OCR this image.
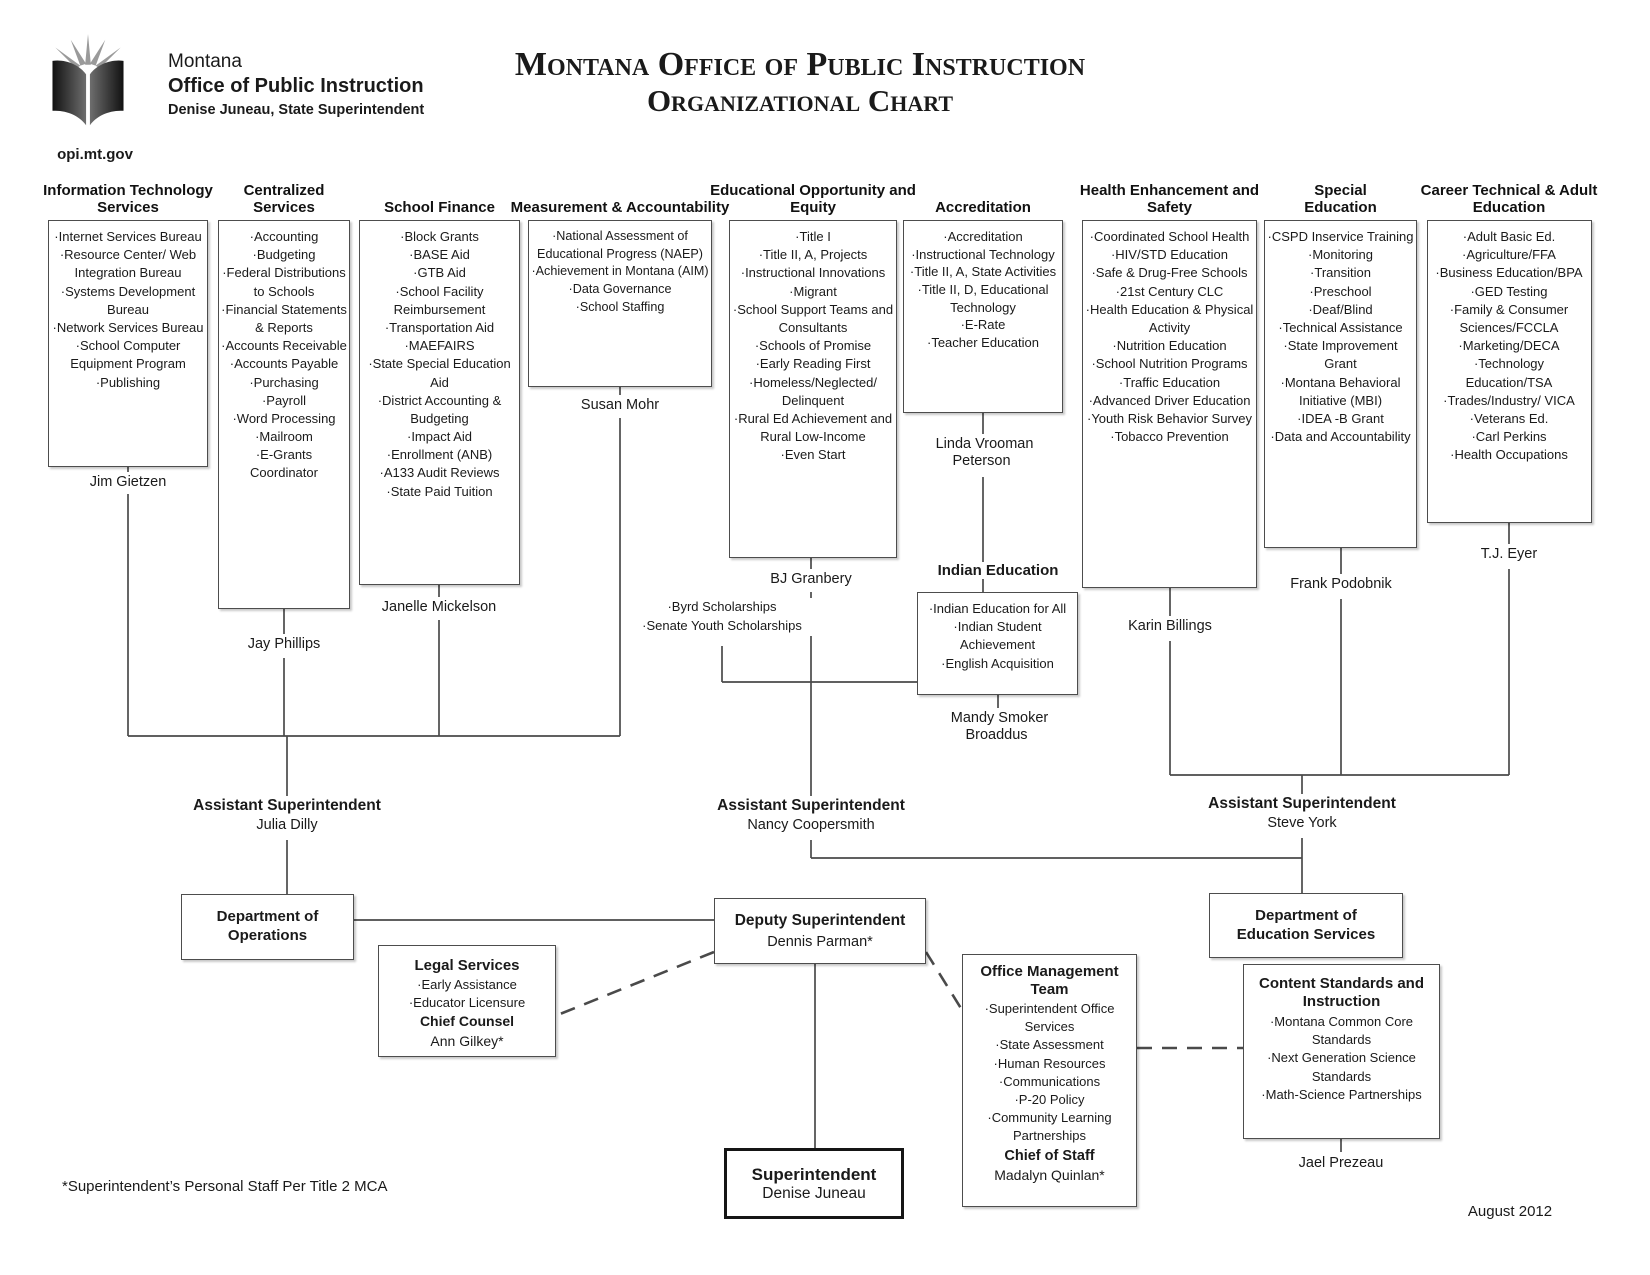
opi.mt.gov
Montana
Office of Public Instruction
Denise Juneau, State Superintendent
Montana Office of Public Instruction
Organizational Chart
Information Technology Services
·Internet Services Bureau
·Resource Center/ Web Integration Bureau
·Systems Development Bureau
·Network Services Bureau
·School Computer Equipment Program
·Publishing
Centralized Services
·Accounting
·Budgeting
·Federal Distributions to Schools
·Financial Statements & Reports
·Accounts Receivable
·Accounts Payable
·Purchasing
·Payroll
·Word Processing
·Mailroom
·E-Grants Coordinator
School Finance
·Block Grants
·BASE Aid
·GTB Aid
·School Facility Reimbursement
·Transportation Aid
·MAEFAIRS
·State Special Education Aid
·District Accounting & Budgeting
·Impact Aid
·Enrollment (ANB)
·A133 Audit Reviews
·State Paid Tuition
Measurement & Accountability
·National Assessment of Educational Progress (NAEP)
·Achievement in Montana (AIM)
·Data Governance
·School Staffing
Educational Opportunity and Equity
·Title I
·Title II, A, Projects
·Instructional Innovations
·Migrant
·School Support Teams and Consultants
·Schools of Promise
·Early Reading First
·Homeless/Neglected/ Delinquent
·Rural Ed Achievement and Rural Low-Income
·Even Start
Accreditation
·Accreditation
·Instructional Technology
·Title II, A, State Activities
·Title II, D, Educational Technology
·E-Rate
·Teacher Education
Health Enhancement and Safety
·Coordinated School Health
·HIV/STD Education
·Safe & Drug-Free Schools
·21st Century CLC
·Health Education & Physical Activity
·Nutrition Education
·School Nutrition Programs
·Traffic Education
·Advanced Driver Education
·Youth Risk Behavior Survey
·Tobacco Prevention
Special Education
·CSPD Inservice Training
·Monitoring
·Transition
·Preschool
·Deaf/Blind
·Technical Assistance
·State Improvement Grant
·Montana Behavioral Initiative (MBI)
·IDEA -B Grant
·Data and Accountability
Career Technical & Adult Education
·Adult Basic Ed.
·Agriculture/FFA
·Business Education/BPA
·GED Testing
·Family & Consumer Sciences/FCCLA
·Marketing/DECA
·Technology Education/TSA
·Trades/Industry/ VICA
·Veterans Ed.
·Carl Perkins
·Health Occupations
Jim Gietzen
Jay Phillips
Janelle Mickelson
Susan Mohr
BJ Granbery
Linda Vrooman Peterson
Karin Billings
Frank Podobnik
T.J. Eyer
·Byrd Scholarships
·Senate Youth Scholarships
Indian Education
·Indian Education for All
·Indian Student Achievement
·English Acquisition
Mandy Smoker Broaddus
Assistant Superintendent
Julia Dilly
Assistant Superintendent
Nancy Coopersmith
Assistant Superintendent
Steve York
Department of
Operations
Deputy Superintendent
Dennis Parman*
Department of
Education Services
Legal Services
·Early Assistance
·Educator Licensure
Chief Counsel
Ann Gilkey*
Office Management Team
·Superintendent Office Services
·State Assessment
·Human Resources
·Communications
·P-20 Policy
·Community Learning Partnerships
Chief of Staff
Madalyn Quinlan*
Content Standards and Instruction
·Montana Common Core Standards
·Next Generation Science Standards
·Math-Science Partnerships
Jael Prezeau
Superintendent
Denise Juneau
*Superintendent’s Personal Staff Per Title 2 MCA
August 2012
